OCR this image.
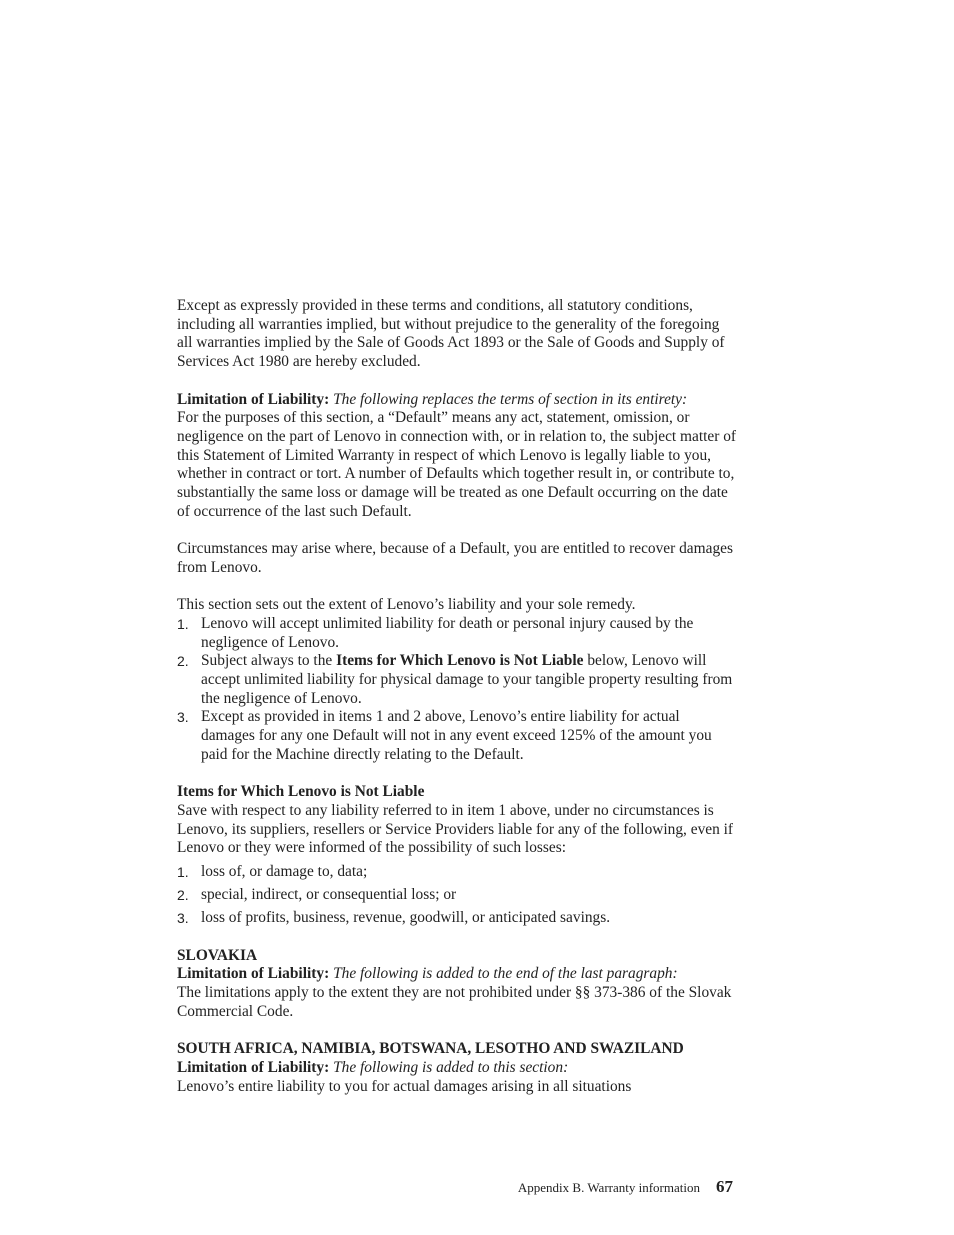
Except as expressly provided in these terms and conditions, all statutory conditions, including all warranties implied, but without prejudice to the generality of the foregoing all warranties implied by the Sale of Goods Act 1893 or the Sale of Goods and Supply of Services Act 1980 are hereby excluded.

Limitation of Liability: The following replaces the terms of section in its entirety:
For the purposes of this section, a “Default” means any act, statement, omission, or negligence on the part of Lenovo in connection with, or in relation to, the subject matter of this Statement of Limited Warranty in respect of which Lenovo is legally liable to you, whether in contract or tort. A number of Defaults which together result in, or contribute to, substantially the same loss or damage will be treated as one Default occurring on the date of occurrence of the last such Default.

Circumstances may arise where, because of a Default, you are entitled to recover damages from Lenovo.

This section sets out the extent of Lenovo’s liability and your sole remedy.

1. Lenovo will accept unlimited liability for death or personal injury caused by the negligence of Lenovo.
2. Subject always to the Items for Which Lenovo is Not Liable below, Lenovo will accept unlimited liability for physical damage to your tangible property resulting from the negligence of Lenovo.
3. Except as provided in items 1 and 2 above, Lenovo’s entire liability for actual damages for any one Default will not in any event exceed 125% of the amount you paid for the Machine directly relating to the Default.

Items for Which Lenovo is Not Liable

Save with respect to any liability referred to in item 1 above, under no circumstances is Lenovo, its suppliers, resellers or Service Providers liable for any of the following, even if Lenovo or they were informed of the possibility of such losses:

1. loss of, or damage to, data;
2. special, indirect, or consequential loss; or
3. loss of profits, business, revenue, goodwill, or anticipated savings.

SLOVAKIA

Limitation of Liability: The following is added to the end of the last paragraph:
The limitations apply to the extent they are not prohibited under §§ 373-386 of the Slovak Commercial Code.

SOUTH AFRICA, NAMIBIA, BOTSWANA, LESOTHO AND SWAZILAND

Limitation of Liability: The following is added to this section:
Lenovo’s entire liability to you for actual damages arising in all situations

Appendix B. Warranty information 67
